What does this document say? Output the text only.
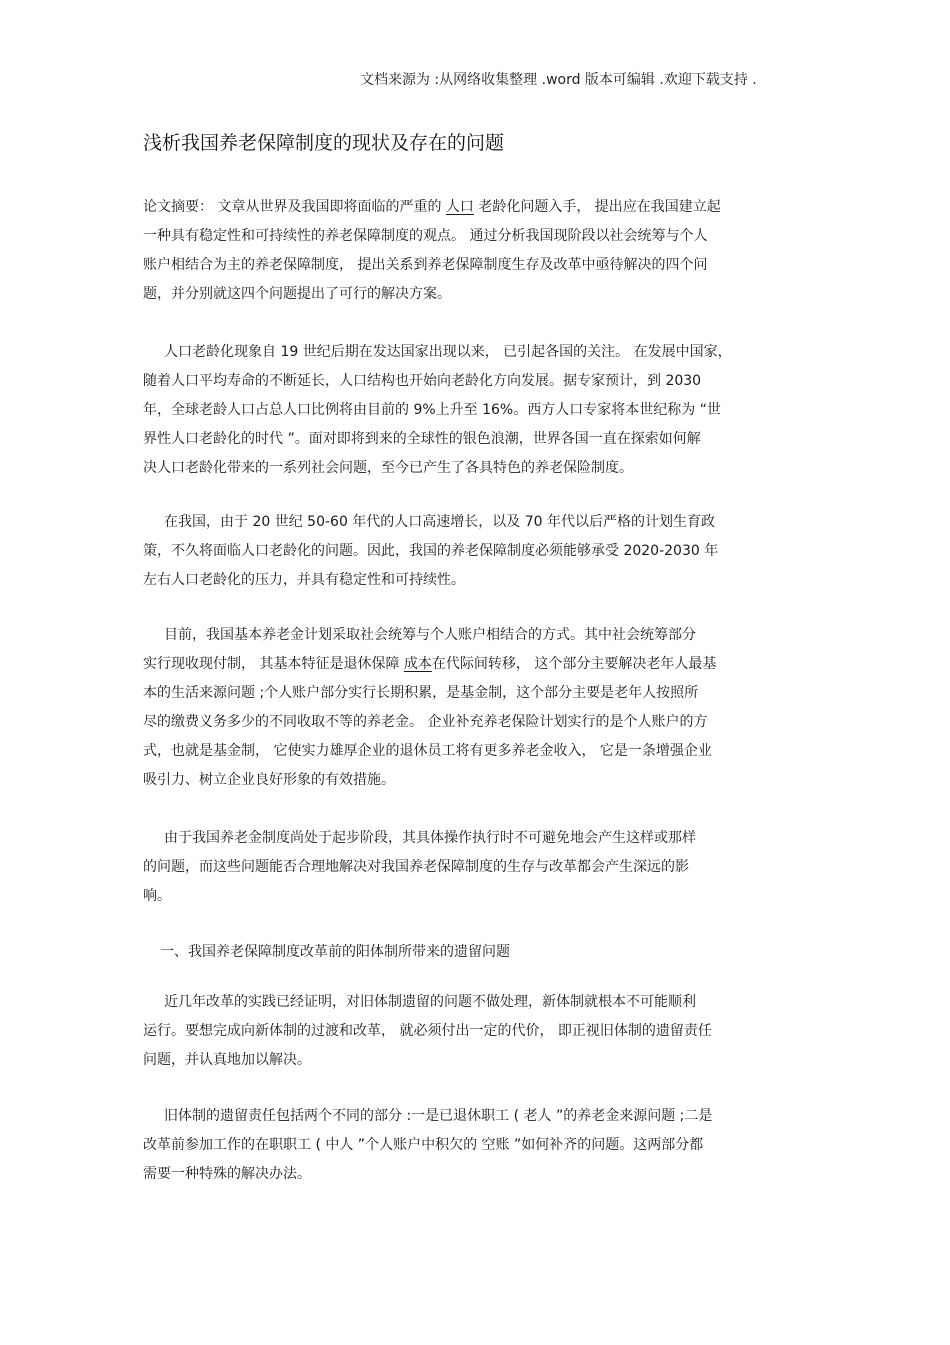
文档来源为 :从网络收集整理 .word 版本可编辑 .欢迎下载支持 .
浅析我国养老保障制度的现状及存在的问题
论文摘要： 文章从世界及我国即将面临的严重的 人口 老龄化问题入手， 提出应在我国建立起
一种具有稳定性和可持续性的养老保障制度的观点。 通过分析我国现阶段以社会统筹与个人
账户相结合为主的养老保障制度， 提出关系到养老保障制度生存及改革中亟待解决的四个问
题，并分别就这四个问题提出了可行的解决方案。
人口老龄化现象自 19 世纪后期在发达国家出现以来， 已引起各国的关注。 在发展中国家，
随着人口平均寿命的不断延长，人口结构也开始向老龄化方向发展。据专家预计，到 2030
年，全球老龄人口占总人口比例将由目前的 9%上升至 16%。西方人口专家将本世纪称为 “世
界性人口老龄化的时代 ”。面对即将到来的全球性的银色浪潮，世界各国一直在探索如何解
决人口老龄化带来的一系列社会问题，至今已产生了各具特色的养老保险制度。
在我国，由于 20 世纪 50-60 年代的人口高速增长，以及 70 年代以后严格的计划生育政
策，不久将面临人口老龄化的问题。因此，我国的养老保障制度必须能够承受 2020-2030 年
左右人口老龄化的压力，并具有稳定性和可持续性。
目前，我国基本养老金计划采取社会统筹与个人账户相结合的方式。其中社会统筹部分
实行现收现付制， 其基本特征是退休保障 成本在代际间转移， 这个部分主要解决老年人最基
本的生活来源问题 ;个人账户部分实行长期积累，是基金制，这个部分主要是老年人按照所
尽的缴费义务多少的不同收取不等的养老金。 企业补充养老保险计划实行的是个人账户的方
式，也就是基金制， 它使实力雄厚企业的退休员工将有更多养老金收入， 它是一条增强企业
吸引力、树立企业良好形象的有效措施。
由于我国养老金制度尚处于起步阶段，其具体操作执行时不可避免地会产生这样或那样
的问题，而这些问题能否合理地解决对我国养老保障制度的生存与改革都会产生深远的影
响。
一、我国养老保障制度改革前的阳体制所带来的遗留问题
近几年改革的实践已经证明，对旧体制遗留的问题不做处理，新体制就根本不可能顺利
运行。要想完成向新体制的过渡和改革， 就必须付出一定的代价， 即正视旧体制的遗留责任
问题，并认真地加以解决。
旧体制的遗留责任包括两个不同的部分 :一是已退休职工 ( 老人 ”的养老金来源问题 ;二是
改革前参加工作的在职职工 ( 中人 ”个人账户中积欠的 空账 ”如何补齐的问题。这两部分都
需要一种特殊的解决办法。
